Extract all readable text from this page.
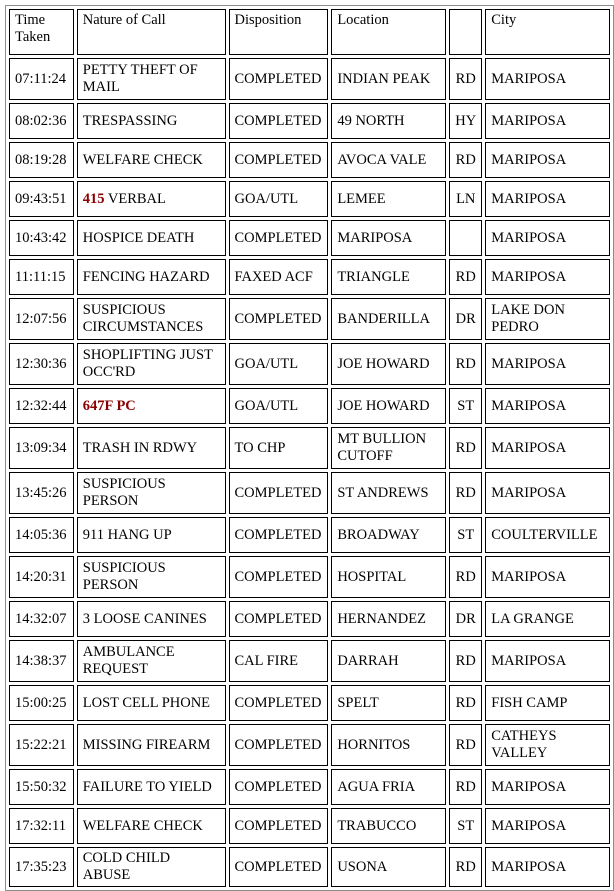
Time Taken	Nature of Call	Disposition	Location		City
07:11:24	PETTY THEFT OF MAIL	COMPLETED	INDIAN PEAK	RD	MARIPOSA
08:02:36	TRESPASSING	COMPLETED	49 NORTH	HY	MARIPOSA
08:19:28	WELFARE CHECK	COMPLETED	AVOCA VALE	RD	MARIPOSA
09:43:51	415 VERBAL	GOA/UTL	LEMEE	LN	MARIPOSA
10:43:42	HOSPICE DEATH	COMPLETED	MARIPOSA		MARIPOSA
11:11:15	FENCING HAZARD	FAXED ACF	TRIANGLE	RD	MARIPOSA
12:07:56	SUSPICIOUS CIRCUMSTANCES	COMPLETED	BANDERILLA	DR	LAKE DON PEDRO
12:30:36	SHOPLIFTING JUST OCC'RD	GOA/UTL	JOE HOWARD	RD	MARIPOSA
12:32:44	647F PC	GOA/UTL	JOE HOWARD	ST	MARIPOSA
13:09:34	TRASH IN RDWY	TO CHP	MT BULLION CUTOFF	RD	MARIPOSA
13:45:26	SUSPICIOUS PERSON	COMPLETED	ST ANDREWS	RD	MARIPOSA
14:05:36	911 HANG UP	COMPLETED	BROADWAY	ST	COULTERVILLE
14:20:31	SUSPICIOUS PERSON	COMPLETED	HOSPITAL	RD	MARIPOSA
14:32:07	3 LOOSE CANINES	COMPLETED	HERNANDEZ	DR	LA GRANGE
14:38:37	AMBULANCE REQUEST	CAL FIRE	DARRAH	RD	MARIPOSA
15:00:25	LOST CELL PHONE	COMPLETED	SPELT	RD	FISH CAMP
15:22:21	MISSING FIREARM	COMPLETED	HORNITOS	RD	CATHEYS VALLEY
15:50:32	FAILURE TO YIELD	COMPLETED	AGUA FRIA	RD	MARIPOSA
17:32:11	WELFARE CHECK	COMPLETED	TRABUCCO	ST	MARIPOSA
17:35:23	COLD CHILD ABUSE	COMPLETED	USONA	RD	MARIPOSA
